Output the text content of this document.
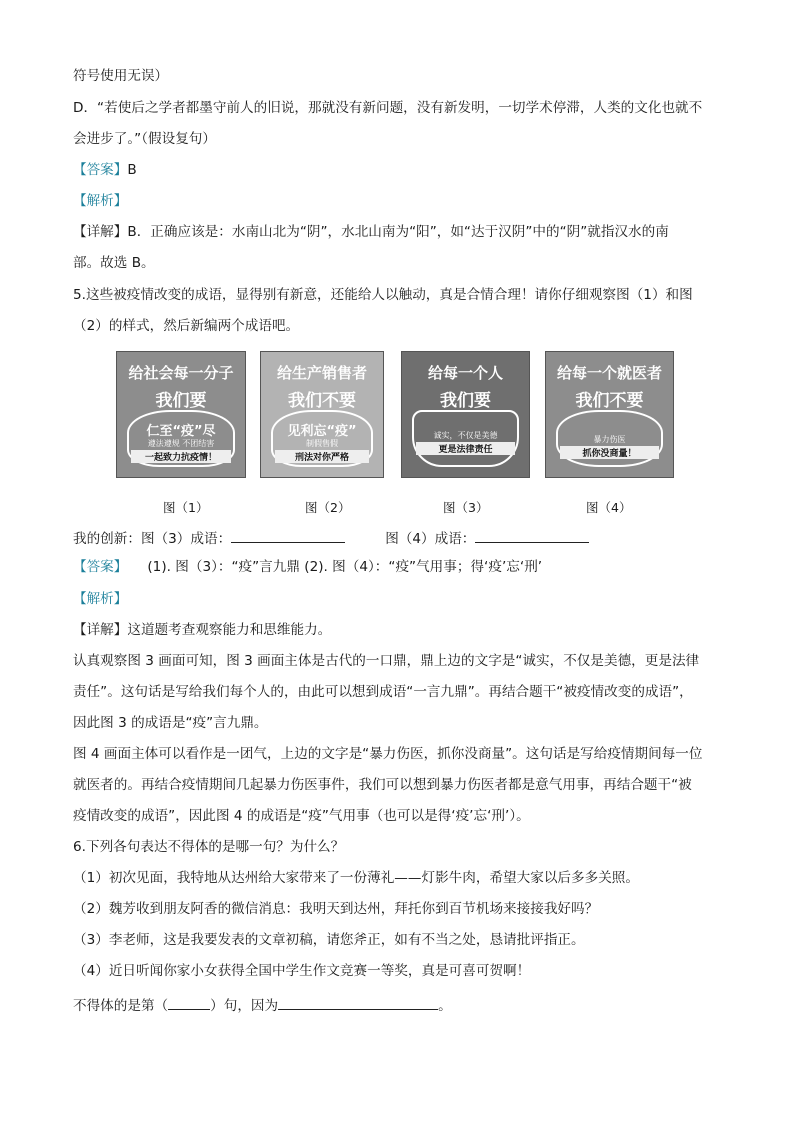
符号使用无误）
D．“若使后之学者都墨守前人的旧说，那就没有新问题，没有新发明，一切学术停滞，人类的文化也就不
会进步了。”（假设复句）
【答案】B
【解析】
【详解】B．正确应该是：水南山北为“阴”，水北山南为“阳”，如“达于汉阴”中的“阴”就指汉水的南
部。故选 B。
5.这些被疫情改变的成语，显得别有新意，还能给人以触动，真是合情合理！请你仔细观察图（1）和图
（2）的样式，然后新编两个成语吧。
给社会每一分子
我们要
仁至“疫”尽
遵法遵规 不团结害
一起致力抗疫情！
给生产销售者
我们不要
见利忘“疫”
制假售假
刑法对你严格
给每一个人
我们要
诚实，不仅是美德
更是法律责任
给每一个就医者
我们不要
暴力伤医
抓你没商量！
图（1）	图（2）	图（3）	图（4）
我的创新：图（3）成语：	图（4）成语：
【答案】 (1). 图（3）：“疫”言九鼎 (2). 图（4）：“疫”气用事；得‘疫’忘‘刑’
【解析】
【详解】这道题考查观察能力和思维能力。
认真观察图 3 画面可知，图 3 画面主体是古代的一口鼎，鼎上边的文字是“诚实，不仅是美德，更是法律
责任”。这句话是写给我们每个人的，由此可以想到成语“一言九鼎”。再结合题干“被疫情改变的成语”，
因此图 3 的成语是“疫”言九鼎。
图 4 画面主体可以看作是一团气，上边的文字是“暴力伤医，抓你没商量”。这句话是写给疫情期间每一位
就医者的。再结合疫情期间几起暴力伤医事件，我们可以想到暴力伤医者都是意气用事，再结合题干“被
疫情改变的成语”，因此图 4 的成语是“疫”气用事（也可以是得‘疫’忘‘刑’）。
6.下列各句表达不得体的是哪一句？为什么？
（1）初次见面，我特地从达州给大家带来了一份薄礼——灯影牛肉，希望大家以后多多关照。
（2）魏芳收到朋友阿香的微信消息：我明天到达州，拜托你到百节机场来接接我好吗？
（3）李老师，这是我要发表的文章初稿，请您斧正，如有不当之处，恳请批评指正。
（4）近日听闻你家小女获得全国中学生作文竞赛一等奖，真是可喜可贺啊！
不得体的是第（	）句，因为	。
